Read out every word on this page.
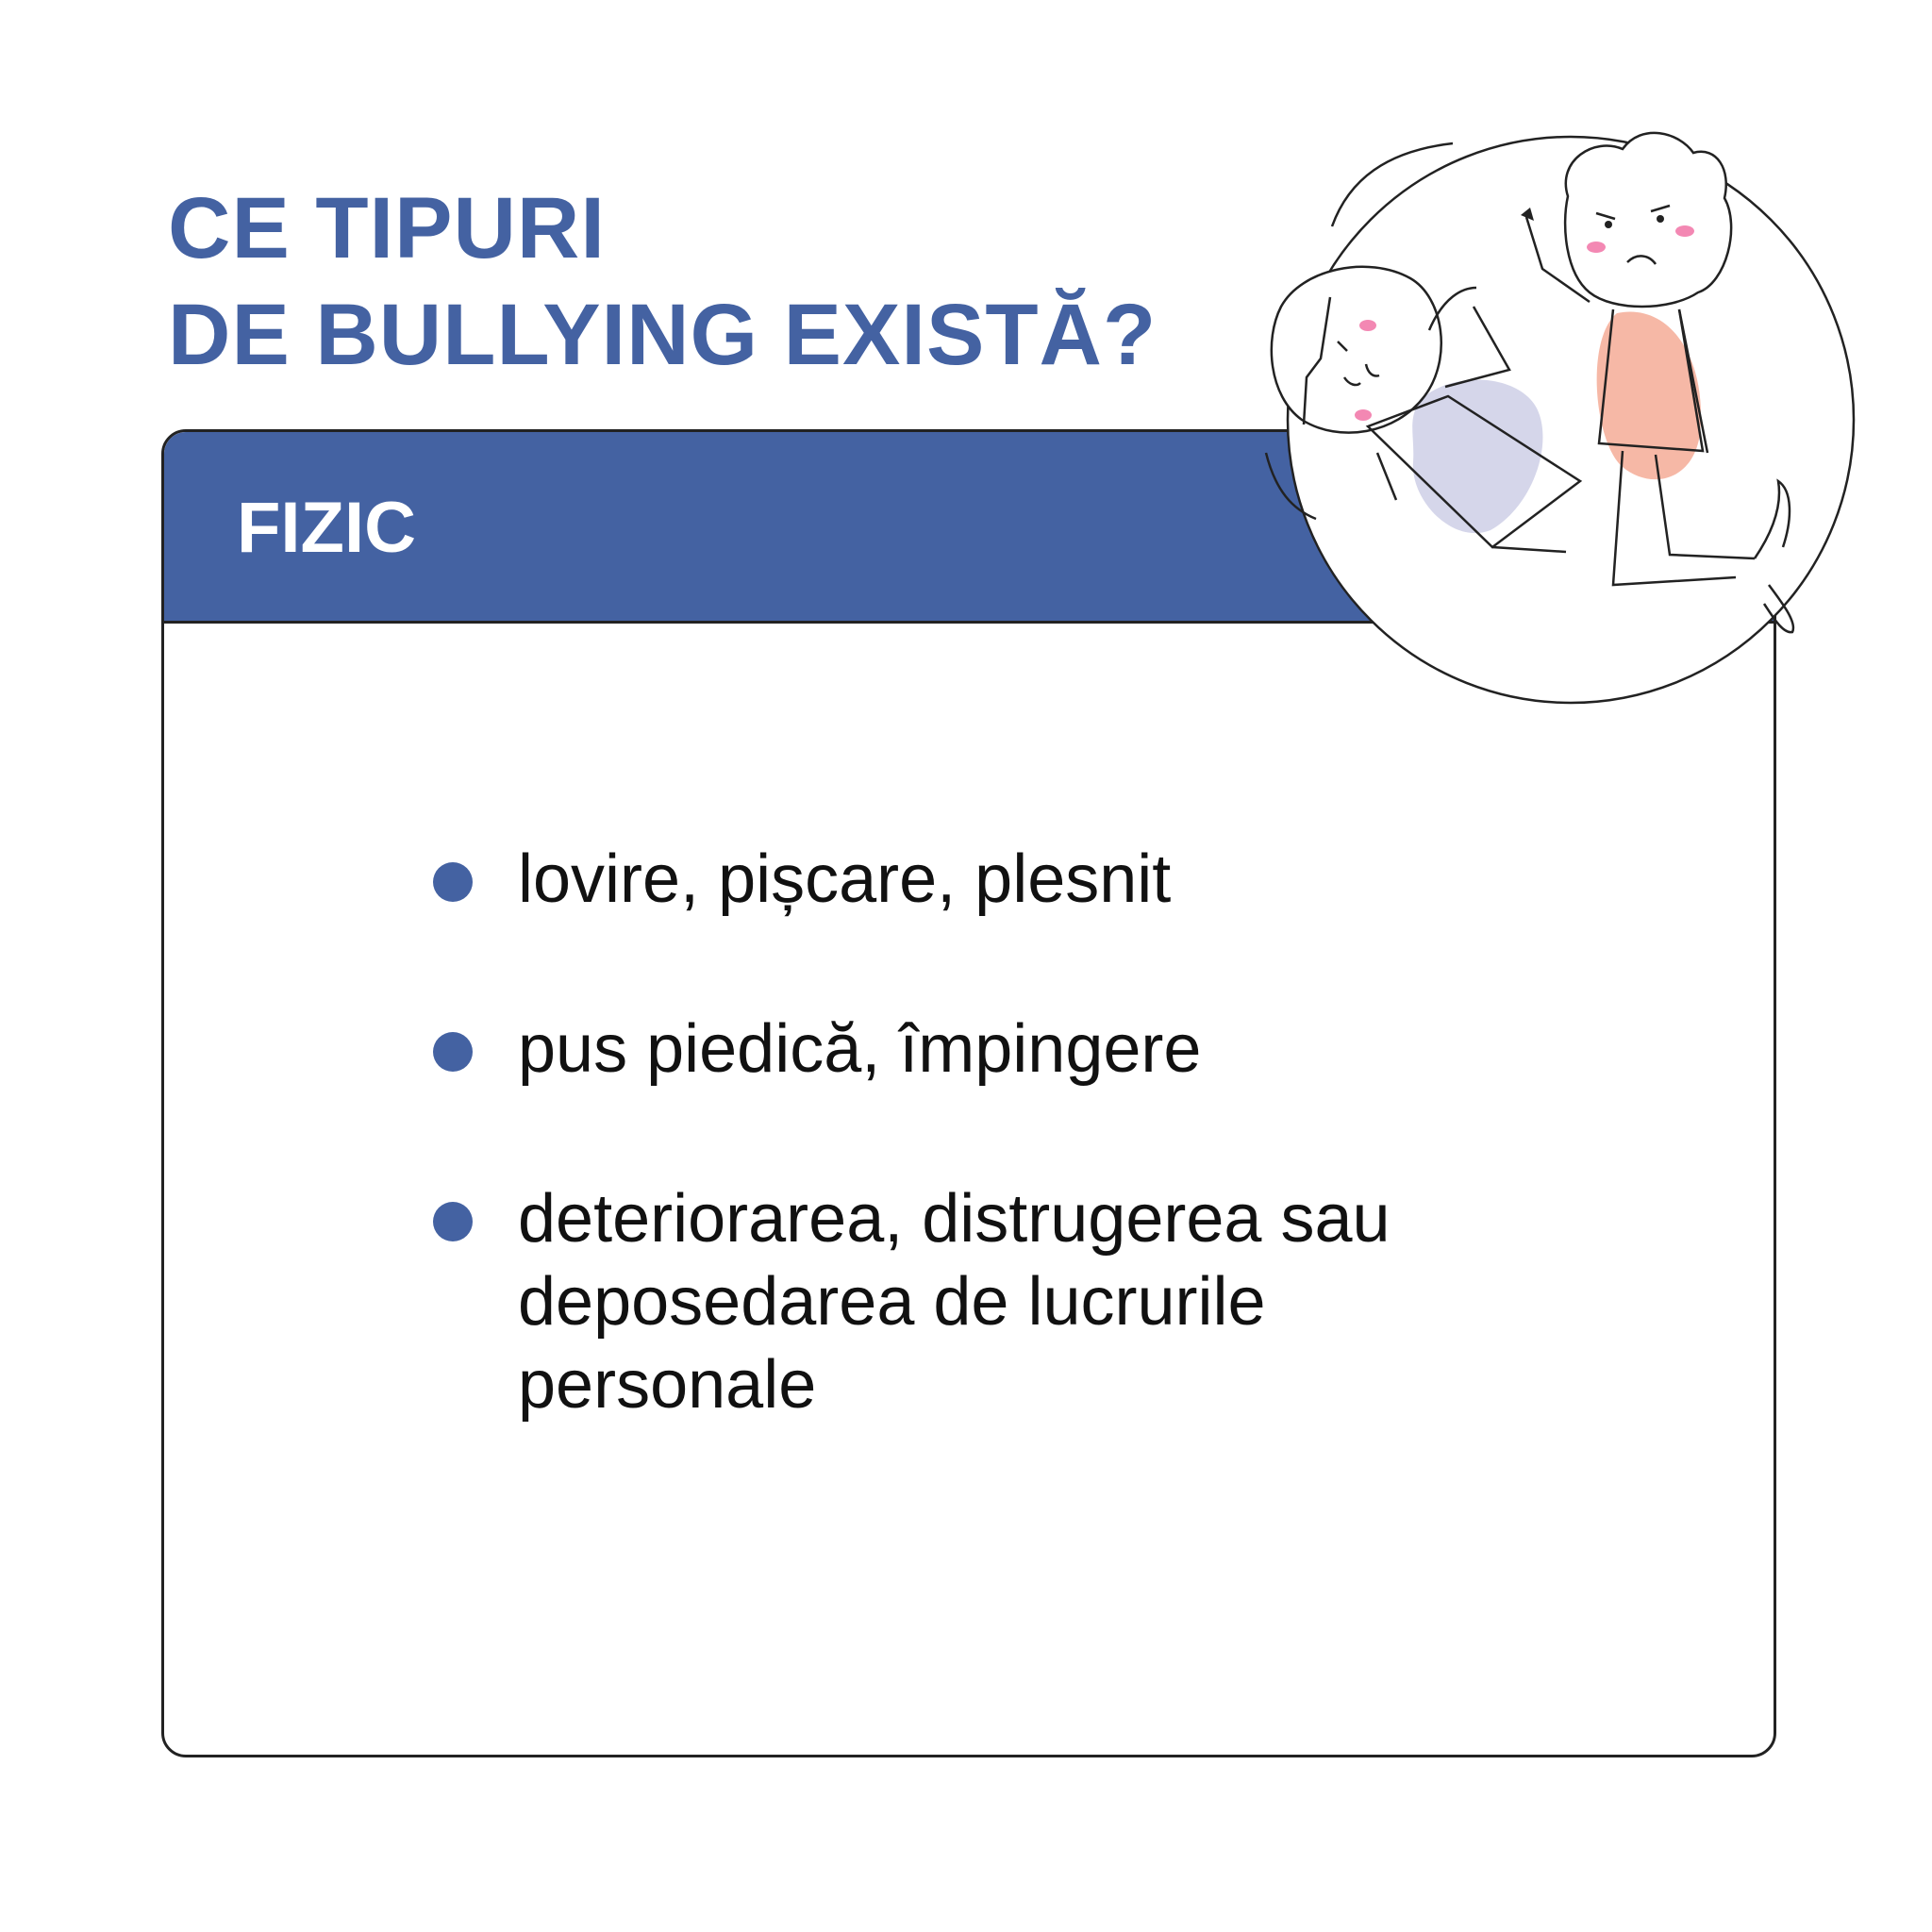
CE TIPURI
DE BULLYING EXISTĂ?
FIZIC
lovire, pișcare, plesnit
pus piedică, împingere
deteriorarea, distrugerea sau deposedarea de lucrurile personale
